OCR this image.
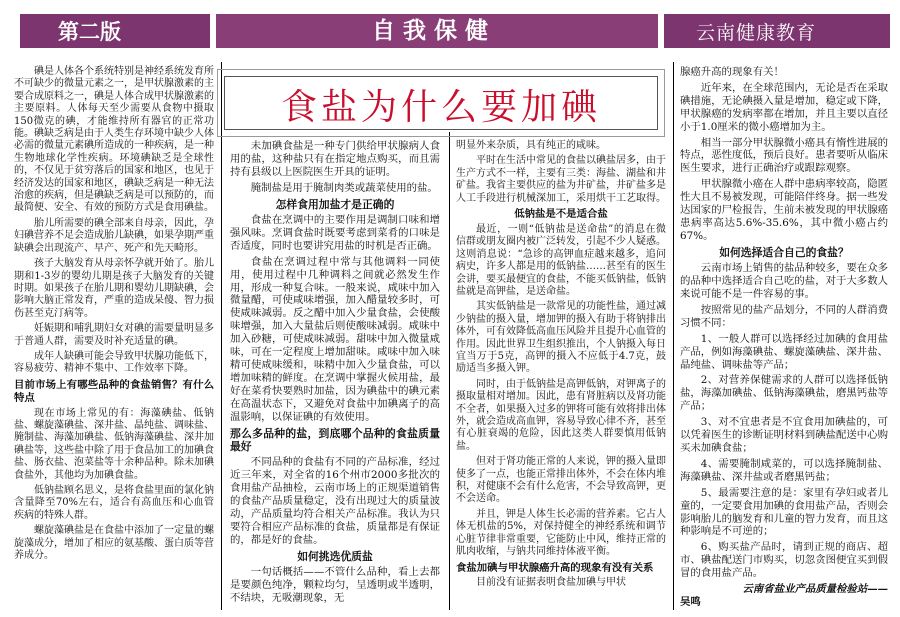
第二版	自我保健	云南健康教育
食盐为什么要加碘

碘是人体各个系统特别是神经系统发育所不可缺少的微量元素之一，是甲状腺激素的主要合成原料之一，碘是人体合成甲状腺激素的主要原料。人体每天至少需要从食物中摄取150微克的碘，才能维持所有器官的正常功能。碘缺乏病是由于人类生存环境中缺少人体必需的微量元素碘所造成的一种疾病，是一种生物地球化学性疾病。环境碘缺乏是全球性的，不仅见于贫穷落后的国家和地区，也见于经济发达的国家和地区，碘缺乏病是一种无法治愈的疾病，但是碘缺乏病是可以预防的，而最简便、安全、有效的预防方式是食用碘盐。

胎儿所需要的碘全部来自母亲，因此，孕妇碘营养不足会造成胎儿缺碘，如果孕期严重缺碘会出现流产、早产、死产和先天畸形。

孩子大脑发育从母亲怀孕就开始了。胎儿期和1-3岁的婴幼儿期是孩子大脑发育的关键时期。如果孩子在胎儿期和婴幼儿期缺碘，会影响大脑正常发育，严重的造成呆傻、智力损伤甚至克汀病等。

妊娠期和哺乳期妇女对碘的需要量明显多于普通人群，需要及时补充适量的碘。

成年人缺碘可能会导致甲状腺功能低下，容易疲劳、精神不集中、工作效率下降。

目前市场上有哪些品种的食盐销售？有什么特点

现在市场上常见的有：海藻碘盐、低钠盐、螺旋藻碘盐、深井盐、晶纯盐、调味盐、腌制盐、海藻加碘盐、低钠海藻碘盐、深井加碘盐等，这些盐中除了用于食品加工的加碘食盐、肠衣盐、泡菜盐等十余种品种。除未加碘食盐外，其他均为加碘食盐。

低钠盐顾名思义，是将食盐里面的氯化钠含量降至70%左右，适合有高血压和心血管疾病的特殊人群。

螺旋藻碘盐是在食盐中添加了一定量的螺旋藻成分，增加了相应的氨基酸、蛋白质等营养成分。

未加碘食盐是一种专门供给甲状腺病人食用的盐，这种盐只有在指定地点购买，而且需持有县级以上医院医生开具的证明。

腌制盐是用于腌制肉类或蔬菜使用的盐。

怎样食用加盐才是正确的

食盐在烹调中的主要作用是调制口味和增强风味。烹调食盐时既要考虑到菜肴的口味是否适度，同时也要讲究用盐的时机是否正确。

食盐在烹调过程中常与其他调料一同使用，使用过程中几种调料之间就必然发生作用，形成一种复合味。一般来说，咸味中加入微量醋，可使咸味增强，加入醋量较多时，可使咸味减弱。反之醋中加入少量食盐，会使酸味增强，加入大量盐后则使酸味减弱。咸味中加入砂糖，可使咸味减弱。甜味中加入微量咸味，可在一定程度上增加甜味。咸味中加入味精可使咸味缓和，味精中加入少量食盐，可以增加味精的鲜度。在烹调中掌握火候用盐，最好在菜肴快要熟时加盐，因为碘盐中的碘元素在高温状态下，又避免对食盐中加碘离子的高温影响，以保证碘的有效使用。

那么多品种的盐，到底哪个品种的食盐质量最好

不同品种的食盐有不同的产品标准，经过近三年来，对全省的16个州市2000多批次的食用盐产品抽检，云南市场上的正规渠道销售的食盐产品质量稳定，没有出现过大的质量波动，产品质量均符合相关产品标准。我认为只要符合相应产品标准的食盐，质量都是有保证的，都是好的食盐。

如何挑选优质盐

一句话概括——不管什么品种，看上去都是要颜色纯净，颗粒均匀，呈透明或半透明，不结块，无吸潮现象，无

明显外来杂质，具有纯正的咸味。

平时在生活中常见的食盐以碘盐居多，由于生产方式不一样，主要有三类：海盐、湖盐和井矿盐。我省主要供应的盐为井矿盐，井矿盐多是人工手段进行机械深加工，采用烘干工艺取得。

低钠盐是不是适合盐

最近，一则“低钠盐是送命盐”的消息在微信群或朋友圈内被广泛转发，引起不少人疑惑。这则消息说：“急诊的高钾血症越来越多，追问病史，许多人都是用的低钠盐……甚至有的医生会讲，要买最便宜的食盐，不能买低钠盐，低钠盐就是高钾盐，是送命盐。

其实低钠盐是一款常见的功能性盐，通过减少钠盐的摄入量，增加钾的摄入有助于将钠排出体外，可有效降低高血压风险并且提升心血管的作用。因此世界卫生组织推出，个人钠摄入每日宜当万于5克，高钾的摄入不应低于4.7克，鼓励适当多摄入钾。

同时，由于低钠盐是高钾低钠，对钾离子的摄取量相对增加。因此，患有肾脏病以及肾功能不全者，如果摄入过多的钾将可能有效将排出体外，就会造成高血钾，容易导致心律不齐，甚至有心脏衰竭的危险，因此这类人群要慎用低钠盐。

但对于肾功能正常的人来说，钾的摄入量即使多了一点，也能正常排出体外，不会在体内堆积，对健康不会有什么危害，不会导致高钾，更不会送命。

并且，钾是人体生长必需的营养素。它占人体无机盐的5%，对保持健全的神经系统和调节心脏节律非常重要，它能防止中风，维持正常的肌肉收缩，与钠共同维持体液平衡。

食盐加碘与甲状腺癌升高的现象有没有关系

目前没有证据表明食盐加碘与甲状

腺癌升高的现象有关！

近年来，在全球范围内，无论是否在采取碘措施，无论碘摄入量是增加，稳定或下降，甲状腺癌的发病率都在增加，并且主要以直径小于1.0厘米的微小癌增加为主。

相当一部分甲状腺微小癌具有惰性进展的特点，恶性度低，预后良好。患者要听从临床医生要求，进行正确治疗或跟踪观察。

甲状腺微小癌在人群中患病率较高，隐匿性大且不易被发现，可能陪伴终身。据一些发达国家的尸检报告，生前未被发现的甲状腺癌患病率高达5.6%-35.6%，其中微小癌占约67%。

如何选择适合自己的食盐？

云南市场上销售的盐品种较多，要在众多的品种中选择适合自己吃的盐，对于大多数人来说可能不是一件容易的事。

按照常见的盐产品划分，不同的人群消费习惯不同：

1、一般人群可以选择经过加碘的食用盐产品，例如海藻碘盐、螺旋藻碘盐、深井盐、晶纯盐、调味盐等产品；

2、对营养保健需求的人群可以选择低钠盐，海藻加碘盐、低钠海藻碘盐，磨黑钙盐等产品；

3、对不宜患者是不宜食用加碘盐的，可以凭着医生的诊断证明材料到碘盐配送中心购买未加碘食盐；

4、需要腌制咸菜的，可以选择腌制盐、海藻碘盐、深井盐或者磨黑钙盐；

5、最需要注意的是：家里有孕妇或者儿童的，一定要食用加碘的食用盐产品，否则会影响胎儿的脑发育和儿童的智力发育，而且这种影响是不可逆的；

6、购买盐产品时，请到正规的商店、超市、碘盐配送门市购买，切忽贪图便宜买到假冒的食用盐产品。

云南省盐业产品质量检验站——
吴鸣
